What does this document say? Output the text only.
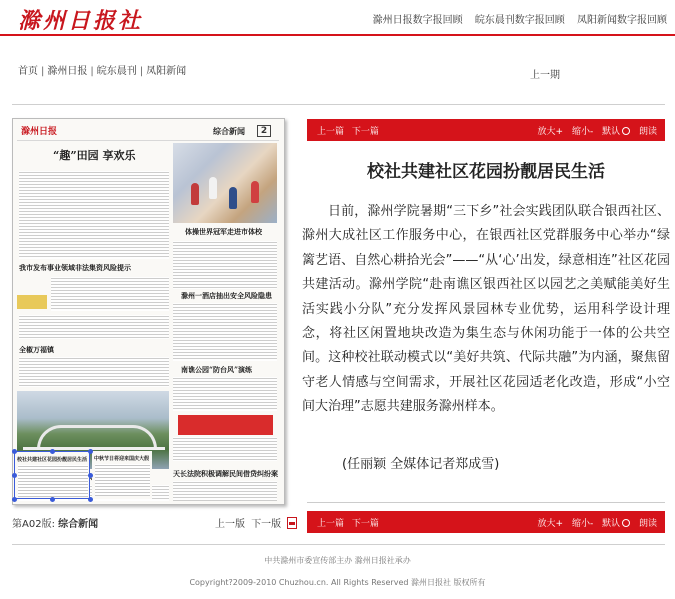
滁州日报社	滁州日报数字报回顾 皖东晨刊数字报回顾 凤阳新闻数字报回顾
首页 | 滁州日报 | 皖东晨刊 | 凤阳新闻	上一期
滁州日报	综合新闻	2
“趣”田园 享欢乐
体操世界冠军走进市体校
我市发布事业领域非法集资风险提示
全椒万福镇
滁州一酒店抽出安全风险隐患
南谯公园“防台风”演练
天长法院积极调解民间借贷纠纷案
校社共建社区花园扮靓居民生活 中秋节日将迎来国庆大假
第A02版: 综合新闻	上一版 下一版
上一篇 下一篇	放大+ 缩小- 默认 朗读
校社共建社区花园扮靓居民生活

日前，滁州学院暑期“三下乡”社会实践团队联合银西社区、滁州大成社区工作服务中心，在银西社区党群服务中心举办“绿篱艺语、自然心耕拾光会”——“从‘心’出发，绿意相连”社区花园共建活动。滁州学院“赴南谯区银西社区以园艺之美赋能美好生活实践小分队”充分发挥风景园林专业优势，运用科学设计理念，将社区闲置地块改造为集生态与休闲功能于一体的公共空间。这种校社联动模式以“美好共筑、代际共融”为内涵，聚焦留守老人情感与空间需求，开展社区花园适老化改造，形成“小空间大治理”志愿共建服务滁州样本。

(任丽颖 全媒体记者郑成雪)
上一篇 下一篇	放大+ 缩小- 默认 朗读
中共滁州市委宣传部主办 滁州日报社承办
Copyright?2009-2010 Chuzhou.cn. All Rights Reserved 滁州日报社 版权所有
